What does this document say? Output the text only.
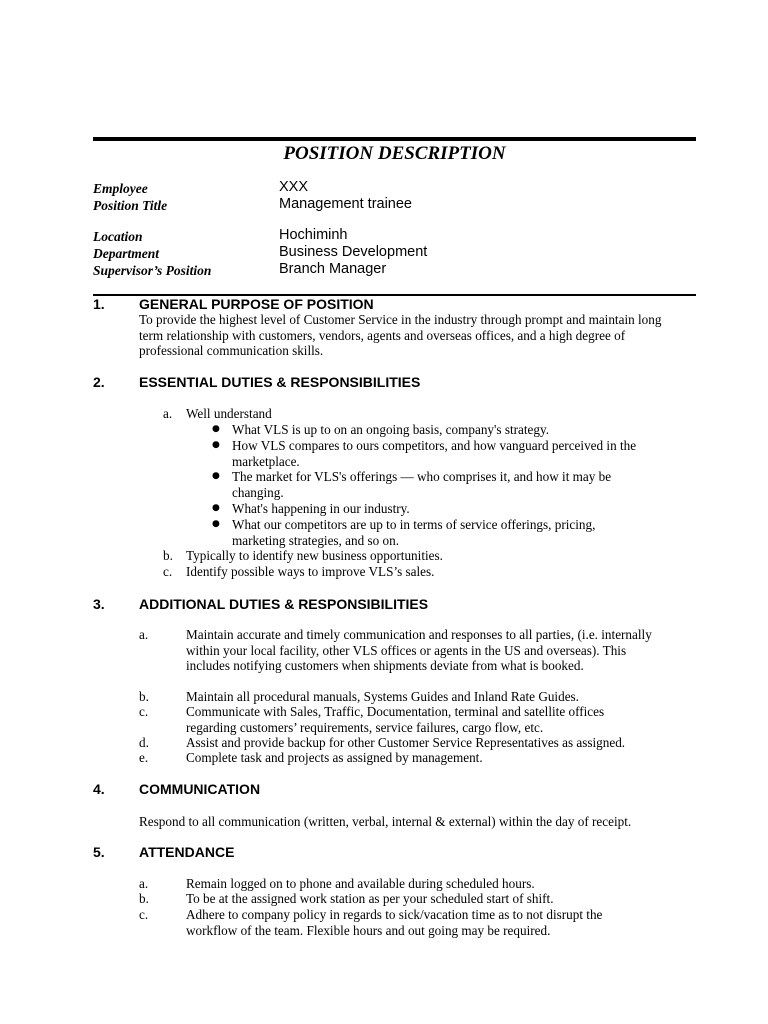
POSITION DESCRIPTION
Employee	XXX
Position Title	Management trainee
Location	Hochiminh
Department	Business Development
Supervisor’s Position	Branch Manager
1. GENERAL PURPOSE OF POSITION
To provide the highest level of Customer Service in the industry through prompt and maintain long term relationship with customers, vendors, agents and overseas offices, and a high degree of professional communication skills.
2. ESSENTIAL DUTIES & RESPONSIBILITIES
a. Well understand
● What VLS is up to on an ongoing basis, company's strategy.
● How VLS compares to ours competitors, and how vanguard perceived in the marketplace.
● The market for VLS's offerings — who comprises it, and how it may be changing.
● What's happening in our industry.
● What our competitors are up to in terms of service offerings, pricing, marketing strategies, and so on.
b. Typically to identify new business opportunities.
c. Identify possible ways to improve VLS’s sales.
3. ADDITIONAL DUTIES & RESPONSIBILITIES
a.	Maintain accurate and timely communication and responses to all parties, (i.e. internally within your local facility, other VLS offices or agents in the US and overseas). This includes notifying customers when shipments deviate from what is booked.
b.	Maintain all procedural manuals, Systems Guides and Inland Rate Guides.
c.	Communicate with Sales, Traffic, Documentation, terminal and satellite offices regarding customers’ requirements, service failures, cargo flow, etc.
d.	Assist and provide backup for other Customer Service Representatives as assigned.
e.	Complete task and projects as assigned by management.
4. COMMUNICATION
Respond to all communication (written, verbal, internal & external) within the day of receipt.
5. ATTENDANCE
a.	Remain logged on to phone and available during scheduled hours.
b.	To be at the assigned work station as per your scheduled start of shift.
c.	Adhere to company policy in regards to sick/vacation time as to not disrupt the workflow of the team. Flexible hours and out going may be required.
